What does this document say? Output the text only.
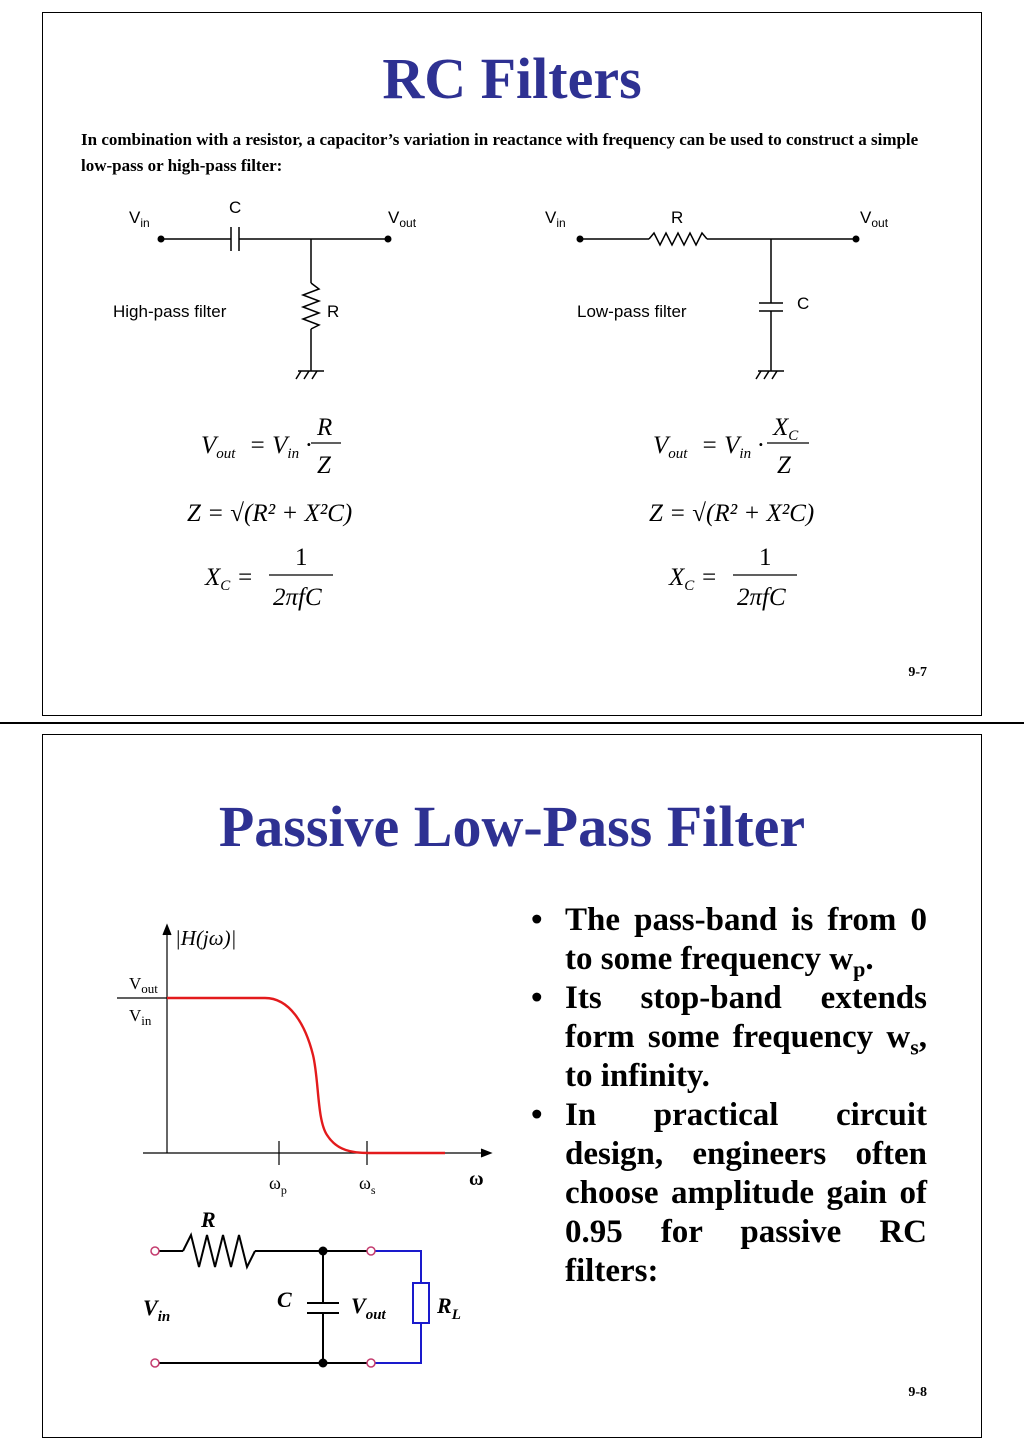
RC Filters
In combination with a resistor, a capacitor’s variation in reactance with frequency can be used to construct a simple low-pass or high-pass filter:
$V_{in}$
C
$V_{out}$
R
High-pass filter
$V_{in}$	R	$V_{out}$
C
Low-pass filter
$V_{out} = V_{in}$ ·
R
Z
Z = √(R² + X²C)
$X_C$ =
1
2πfC
$V_{out} = V_{in}$ ·
$X_C$
Z
Z = √(R² + X²C)
$X_C$ =
1
2πfC
9-7
Passive Low-Pass Filter
|H(jω)|
$V_{out}$
$V_{in}$
$\omega_p$	$\omega_s$	ω
R
C
$V_{in}$	$V_{out}$ $R_L$
• The pass-band is from 0 to some frequency $w_p$.
• Its stop-band extends form some frequency $w_s$, to infinity.
• In practical circuit design, engineers often choose amplitude gain of 0.95 for passive RC filters:
9-8
